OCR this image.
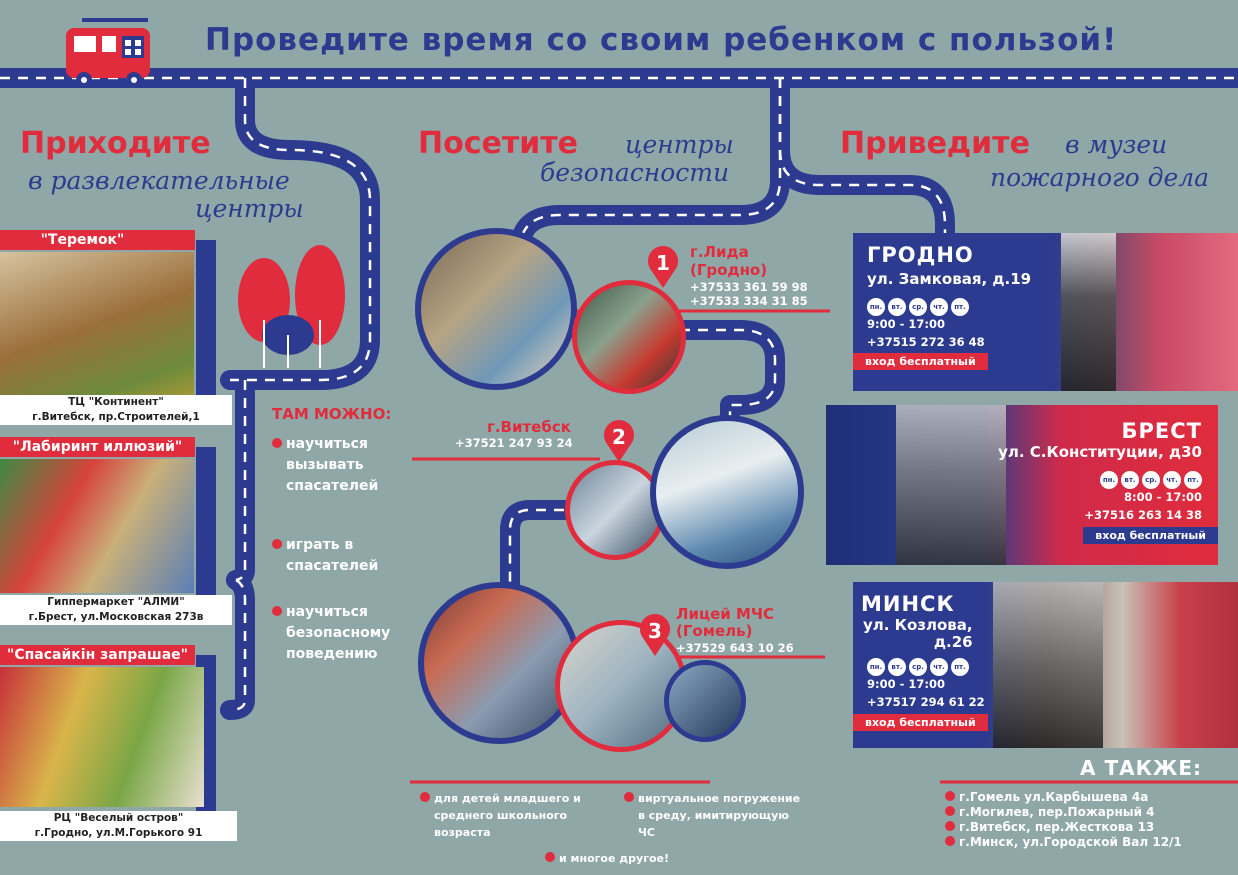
Проведите время со своим ребенком с пользой!
Приходите
в развлекательные
центры
Посетите центры
безопасности
Приведите в музеи
пожарного дела
"Теремок"
ТЦ "Континент"
г.Витебск, пр.Строителей,1
"Лабиринт иллюзий"
Гиппермаркет "АЛМИ"
г.Брест, ул.Московская 273в
"Спасайкін запрашае"
РЦ "Веселый остров"
г.Гродно, ул.М.Горького 91
ТАМ МОЖНО:
научиться
вызывать
спасателей
играть в
спасателей
научиться
безопасному
поведению
1	г.Лида
(Гродно)
+37533 361 59 98
+37533 334 31 85
2
г.Витебск
+37521 247 93 24
3
Лицей МЧС
(Гомель)
+37529 643 10 26
для детей младшего и
среднего школьного
возраста
виртуальное погружение
в среду, имитирующую
ЧС
и многое другое!
ГРОДНО
ул. Замковая, д.19
пн. вт. ср. чт. пт.
9:00 - 17:00
+37515 272 36 48
вход бесплатный
БРЕСТ
ул. С.Конституции, д30
пн. вт. ср. чт. пт.
8:00 - 17:00
+37516 263 14 38
вход бесплатный
МИНСК
ул. Козлова,
д.26
пн. вт. ср. чт. пт.
9:00 - 17:00
+37517 294 61 22
вход бесплатный
А ТАКЖЕ:
г.Гомель ул.Карбышева 4а
г.Могилев, пер.Пожарный 4
г.Витебск, пер.Жесткова 13
г.Минск, ул.Городской Вал 12/1
